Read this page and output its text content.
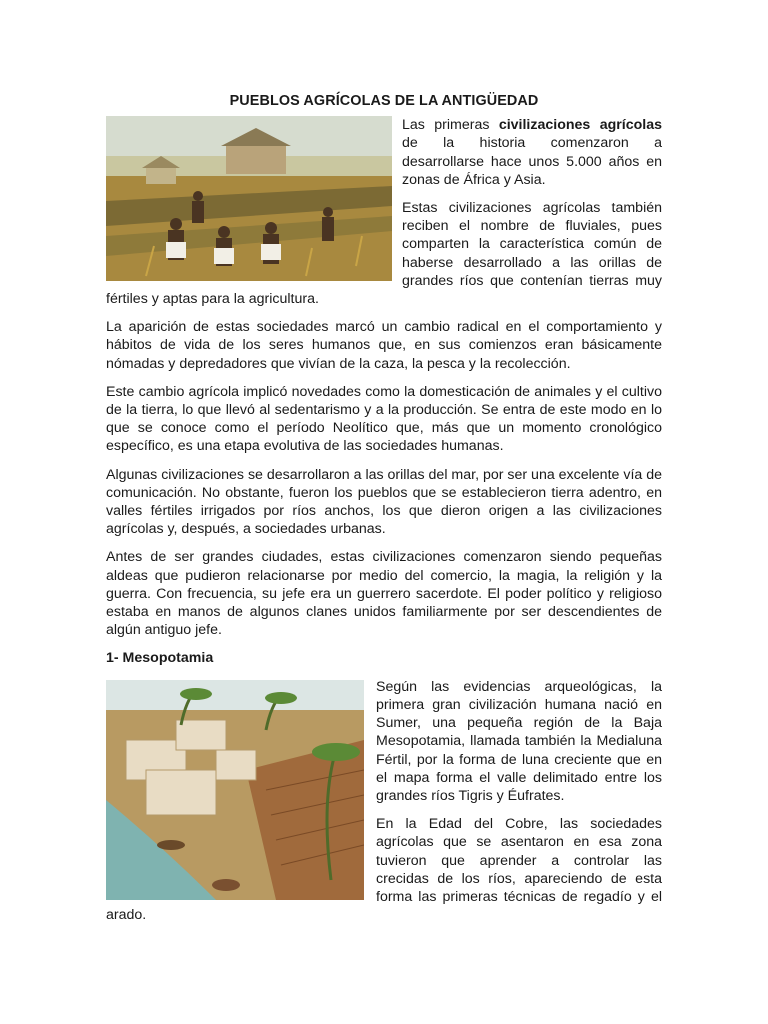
PUEBLOS AGRÍCOLAS DE LA ANTIGÜEDAD

Las primeras civilizaciones agrícolas de la historia comenzaron a desarrollarse hace unos 5.000 años en zonas de África y Asia.

Estas civilizaciones agrícolas también reciben el nombre de fluviales, pues comparten la característica común de haberse desarrollado a las orillas de grandes ríos que contenían tierras muy fértiles y aptas para la agricultura.

La aparición de estas sociedades marcó un cambio radical en el comportamiento y hábitos de vida de los seres humanos que, en sus comienzos eran básicamente nómadas y depredadores que vivían de la caza, la pesca y la recolección.

Este cambio agrícola implicó novedades como la domesticación de animales y el cultivo de la tierra, lo que llevó al sedentarismo y a la producción. Se entra de este modo en lo que se conoce como el período Neolítico que, más que un momento cronológico específico, es una etapa evolutiva de las sociedades humanas.

Algunas civilizaciones se desarrollaron a las orillas del mar, por ser una excelente vía de comunicación. No obstante, fueron los pueblos que se establecieron tierra adentro, en valles fértiles irrigados por ríos anchos, los que dieron origen a las civilizaciones agrícolas y, después, a sociedades urbanas.

Antes de ser grandes ciudades, estas civilizaciones comenzaron siendo pequeñas aldeas que pudieron relacionarse por medio del comercio, la magia, la religión y la guerra. Con frecuencia, su jefe era un guerrero sacerdote. El poder político y religioso estaba en manos de algunos clanes unidos familiarmente por ser descendientes de algún antiguo jefe.

1- Mesopotamia

Según las evidencias arqueológicas, la primera gran civilización humana nació en Sumer, una pequeña región de la Baja Mesopotamia, llamada también la Medialuna Fértil, por la forma de luna creciente que en el mapa forma el valle delimitado entre los grandes ríos Tigris y Éufrates.

En la Edad del Cobre, las sociedades agrícolas que se asentaron en esa zona tuvieron que aprender a controlar las crecidas de los ríos, apareciendo de esta forma las primeras técnicas de regadío y el arado.
